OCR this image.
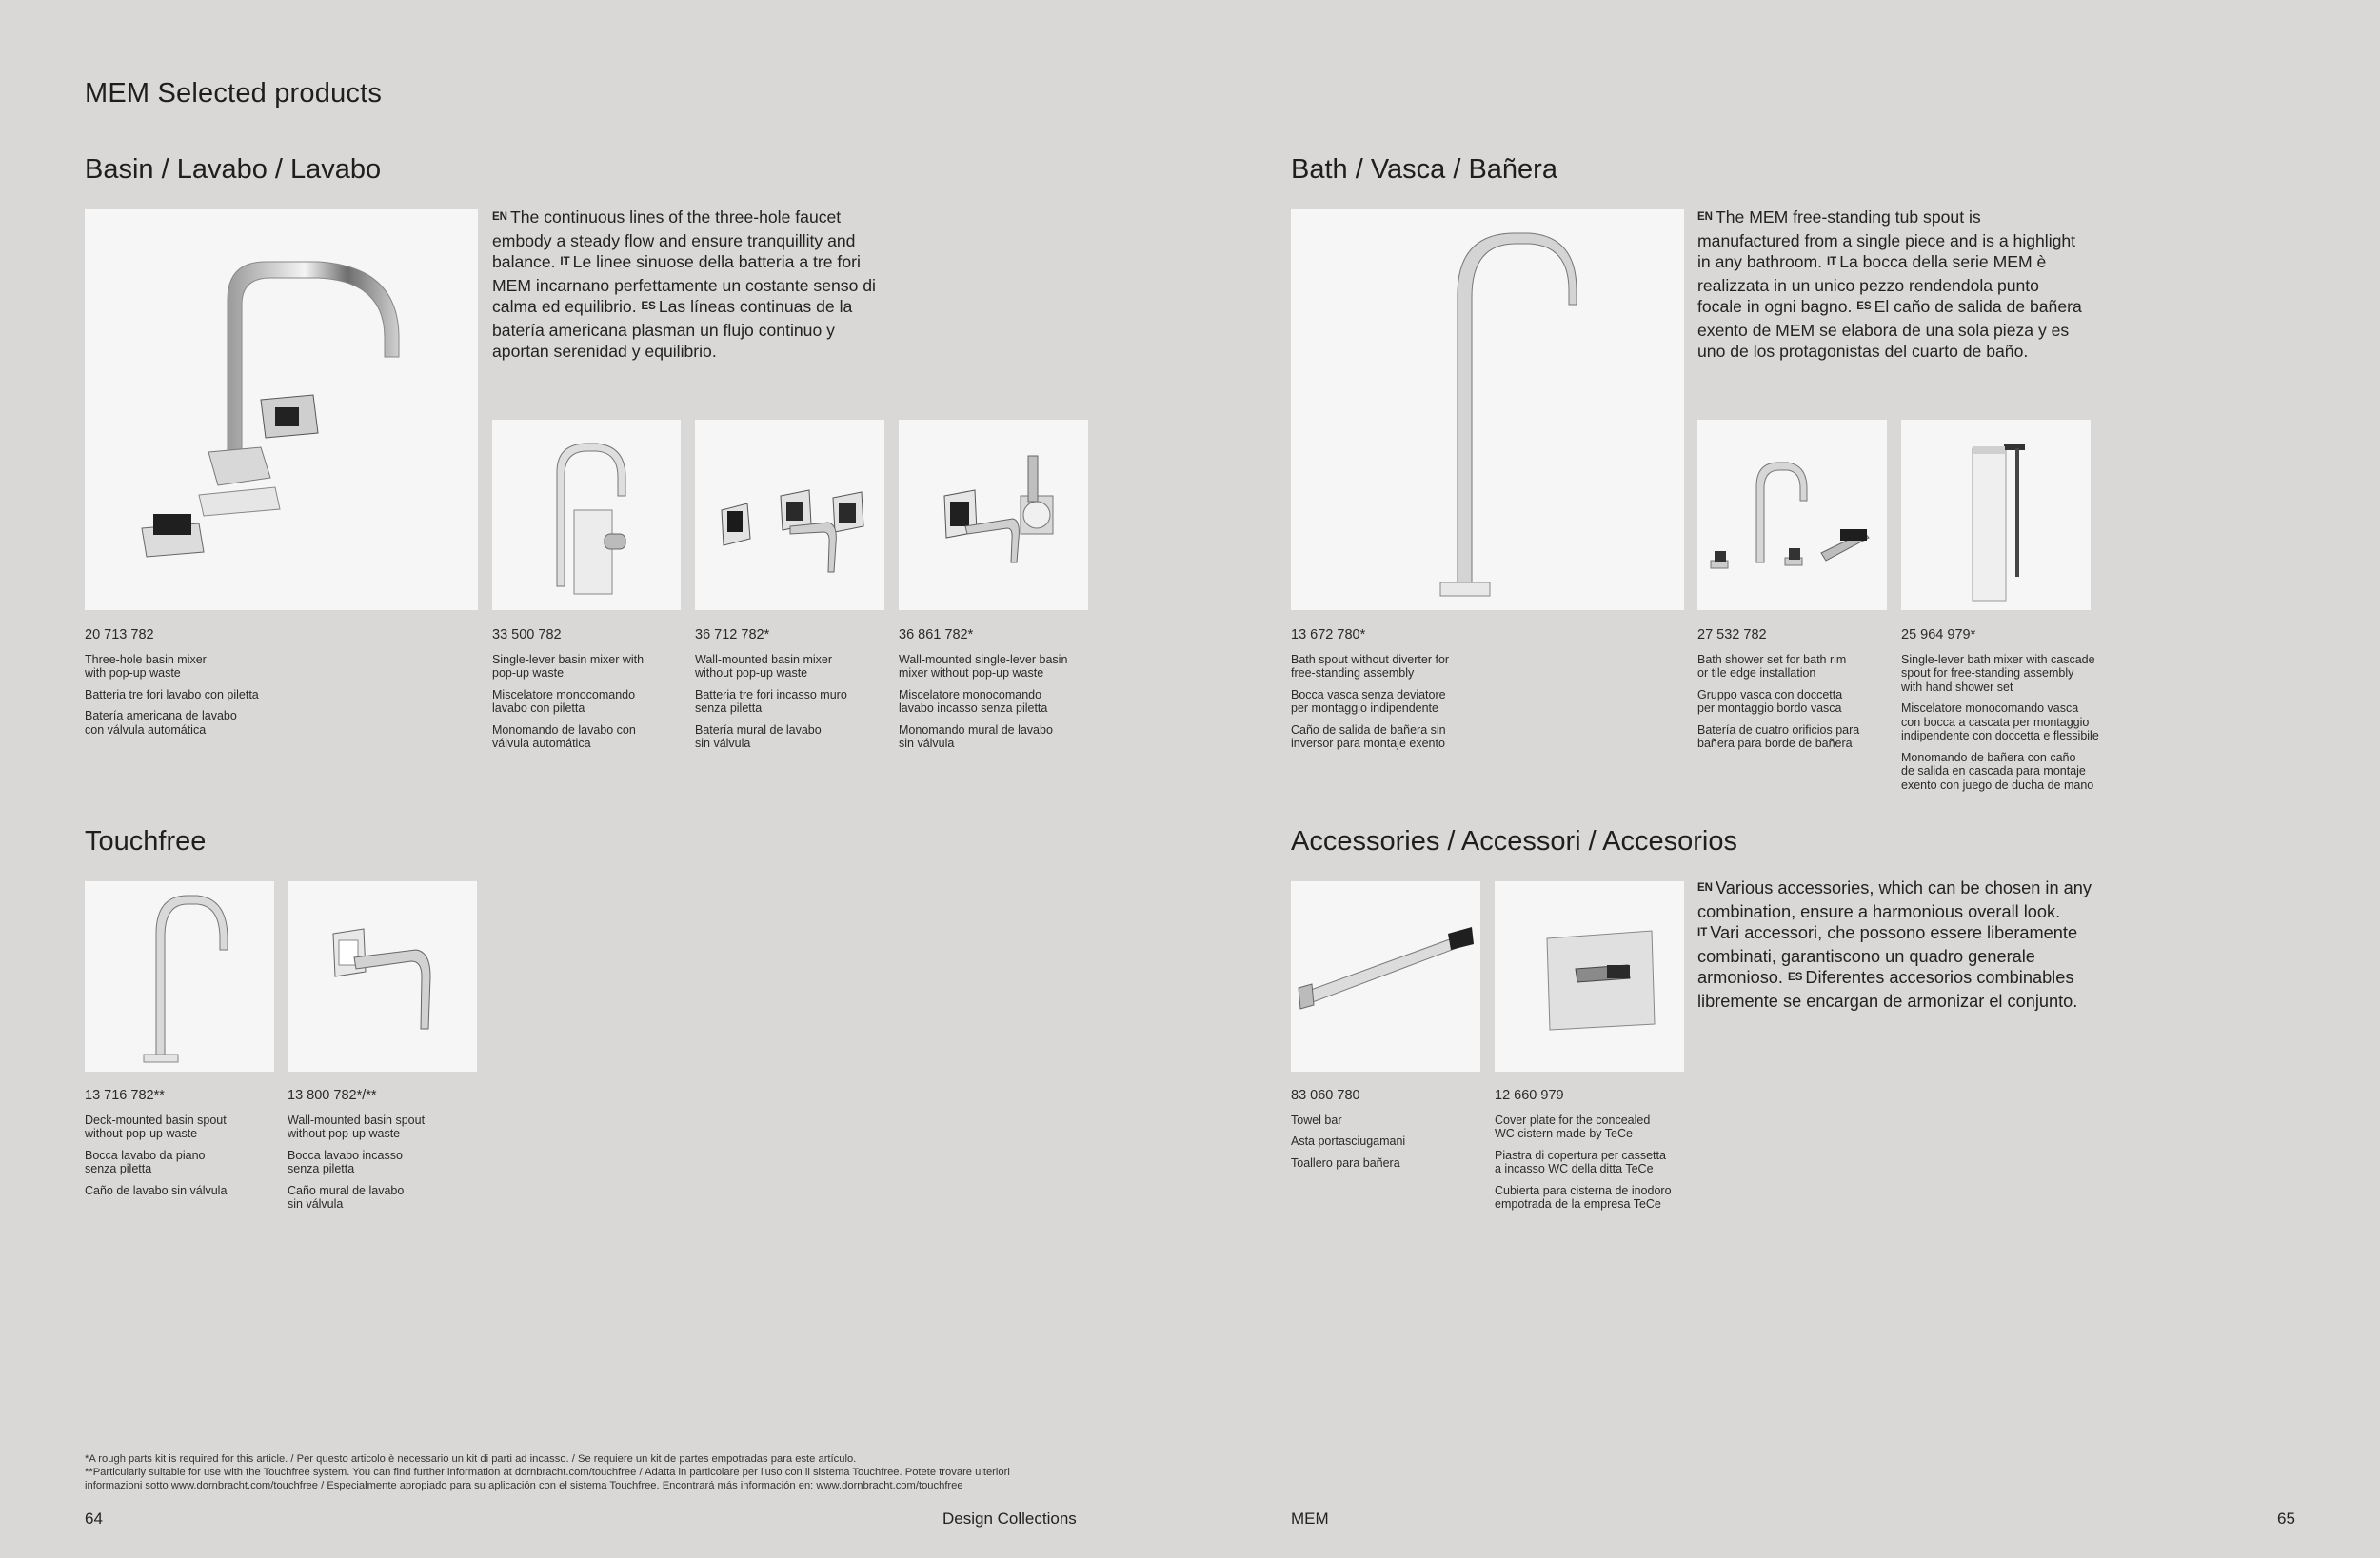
MEM Selected products
Basin / Lavabo / Lavabo
EN The continuous lines of the three-hole faucet embody a steady flow and ensure tranquillity and balance. IT Le linee sinuose della batteria a tre fori MEM incarnano perfettamente un costante senso di calma ed equilibrio. ES Las líneas continuas de la batería americana plasman un flujo continuo y aportan serenidad y equilibrio.
20 713 782
Three-hole basin mixer
with pop-up waste
Batteria tre fori lavabo con piletta
Batería americana de lavabo
con válvula automática
33 500 782
Single-lever basin mixer with
pop-up waste
Miscelatore monocomando
lavabo con piletta
Monomando de lavabo con
válvula automática
36 712 782*
Wall-mounted basin mixer
without pop-up waste
Batteria tre fori incasso muro
senza piletta
Batería mural de lavabo
sin válvula
36 861 782*
Wall-mounted single-lever basin
mixer without pop-up waste
Miscelatore monocomando
lavabo incasso senza piletta
Monomando mural de lavabo
sin válvula
Bath / Vasca / Bañera
EN The MEM free-standing tub spout is manufactured from a single piece and is a highlight in any bathroom. IT La bocca della serie MEM è realizzata in un unico pezzo rendendola punto focale in ogni bagno. ES El caño de salida de bañera exento de MEM se elabora de una sola pieza y es uno de los protagonistas del cuarto de baño.
13 672 780*
Bath spout without diverter for
free-standing assembly
Bocca vasca senza deviatore
per montaggio indipendente
Caño de salida de bañera sin
inversor para montaje exento
27 532 782
Bath shower set for bath rim
or tile edge installation
Gruppo vasca con doccetta
per montaggio bordo vasca
Batería de cuatro orificios para
bañera para borde de bañera
25 964 979*
Single-lever bath mixer with cascade
spout for free-standing assembly
with hand shower set
Miscelatore monocomando vasca
con bocca a cascata per montaggio
indipendente con doccetta e flessibile
Monomando de bañera con caño
de salida en cascada para montaje
exento con juego de ducha de mano
Touchfree
13 716 782**
Deck-mounted basin spout
without pop-up waste
Bocca lavabo da piano
senza piletta
Caño de lavabo sin válvula
13 800 782*/**
Wall-mounted basin spout
without pop-up waste
Bocca lavabo incasso
senza piletta
Caño mural de lavabo
sin válvula
Accessories / Accessori / Accesorios
EN Various accessories, which can be chosen in any combination, ensure a harmonious overall look. IT Vari accessori, che possono essere liberamente combinati, garantiscono un quadro generale armonioso. ES Diferentes accesorios combinables libremente se encargan de armonizar el conjunto.
83 060 780
Towel bar
Asta portasciugamani
Toallero para bañera
12 660 979
Cover plate for the concealed
WC cistern made by TeCe
Piastra di copertura per cassetta
a incasso WC della ditta TeCe
Cubierta para cisterna de inodoro
empotrada de la empresa TeCe
*A rough parts kit is required for this article. / Per questo articolo è necessario un kit di parti ad incasso. / Se requiere un kit de partes empotradas para este artículo.
**Particularly suitable for use with the Touchfree system. You can find further information at dornbracht.com/touchfree / Adatta in particolare per l'uso con il sistema Touchfree. Potete trovare ulteriori
informazioni sotto www.dornbracht.com/touchfree / Especialmente apropiado para su aplicación con el sistema Touchfree. Encontrará más información en: www.dornbracht.com/touchfree
64	Design Collections	MEM	65
